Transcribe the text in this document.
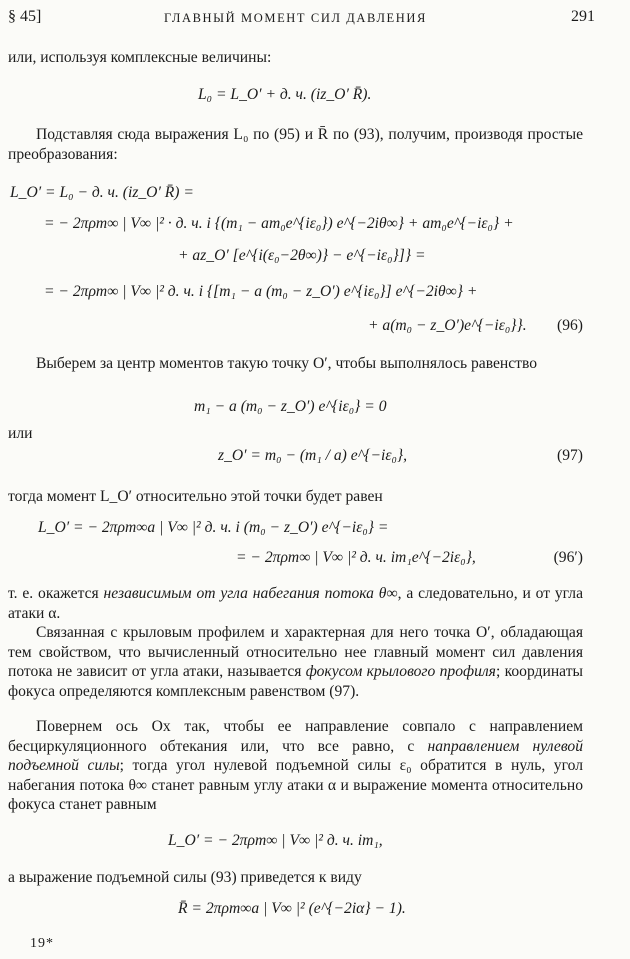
§ 45]	ГЛАВНЫЙ МОМЕНТ СИЛ ДАВЛЕНИЯ	291
или, используя комплексные величины:
L₀ = L_O′ + д. ч. (iz_O′ R̄).
Подставляя сюда выражения L₀ по (95) и R̄ по (93), получим, производя простые преобразования:
L_O′ = L₀ − д. ч. (iz_O′ R̄) =
= − 2πρm∞ | V∞ |² · д. ч. i {(m₁ − am₀e^{iε₀}) e^{−2iθ∞} + am₀e^{−iε₀} +
+ az_O′ [e^{i(ε₀−2θ∞)} − e^{−iε₀}]} =
= − 2πρm∞ | V∞ |² д. ч. i {[m₁ − a (m₀ − z_O′) e^{iε₀}] e^{−2iθ∞} +
+ a(m₀ − z_O′)e^{−iε₀}}. (96)
Выберем за центр моментов такую точку O′, чтобы выполнялось равенство
m₁ − a (m₀ − z_O′) e^{iε₀} = 0
или
z_O′ = m₀ − (m₁ / a) e^{−iε₀},	(97)
тогда момент L_O′ относительно этой точки будет равен
L_O′ = − 2πρm∞a | V∞ |² д. ч. i (m₀ − z_O′) e^{−iε₀} =
= − 2πρm∞ | V∞ |² д. ч. im₁e^{−2iε₀},	(96′)
т. е. окажется независимым от угла набегания потока θ∞, а следовательно, и от угла атаки α.
Связанная с крыловым профилем и характерная для него точка O′, обладающая тем свойством, что вычисленный относительно нее главный момент сил давления потока не зависит от угла атаки, называется фокусом крылового профиля; координаты фокуса определяются комплексным равенством (97).
Повернем ось Ox так, чтобы ее направление совпало с направлением бесциркуляционного обтекания или, что все равно, с направлением нулевой подъемной силы; тогда угол нулевой подъемной силы ε₀ обратится в нуль, угол набегания потока θ∞ станет равным углу атаки α и выражение момента относительно фокуса станет равным
L_O′ = − 2πρm∞ | V∞ |² д. ч. im₁,
а выражение подъемной силы (93) приведется к виду
R̄ = 2πρm∞a | V∞ |² (e^{−2iα} − 1).
19*
